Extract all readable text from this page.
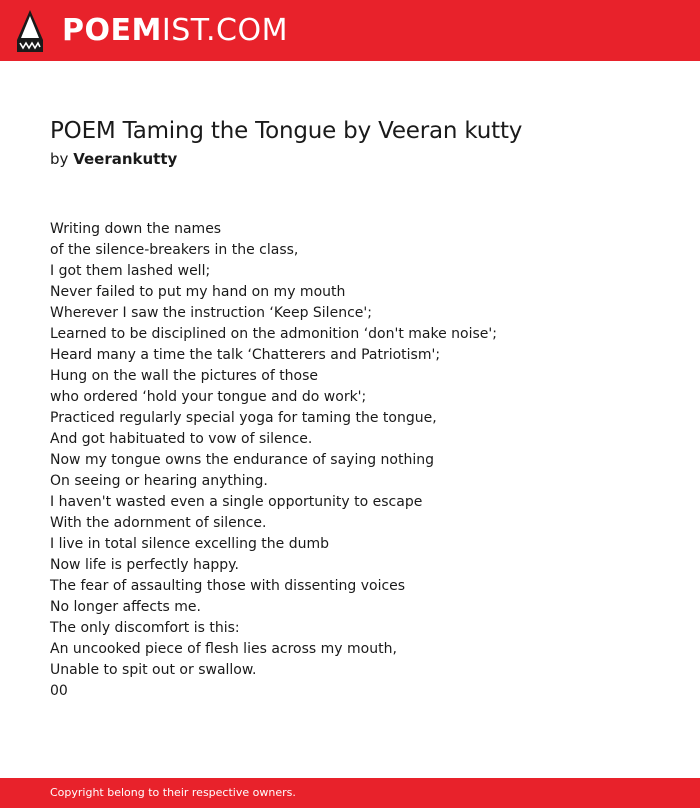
POEMIST.COM
POEM Taming the Tongue by Veeran kutty
by Veerankutty
Writing down the names
of the silence-breakers in the class,
I got them lashed well;
Never failed to put my hand on my mouth
Wherever I saw the instruction ‘Keep Silence';
Learned to be disciplined on the admonition ‘don't make noise';
Heard many a time the talk ‘Chatterers and Patriotism';
Hung on the wall the pictures of those
who ordered ‘hold your tongue and do work';
Practiced regularly special yoga for taming the tongue,
And got habituated to vow of silence.
Now my tongue owns the endurance of saying nothing
On seeing or hearing anything.
I haven't wasted even a single opportunity to escape
With the adornment of silence.
I live in total silence excelling the dumb
Now life is perfectly happy.
The fear of assaulting those with dissenting voices
No longer affects me.
The only discomfort is this:
An uncooked piece of flesh lies across my mouth,
Unable to spit out or swallow.
00
Copyright belong to their respective owners.
